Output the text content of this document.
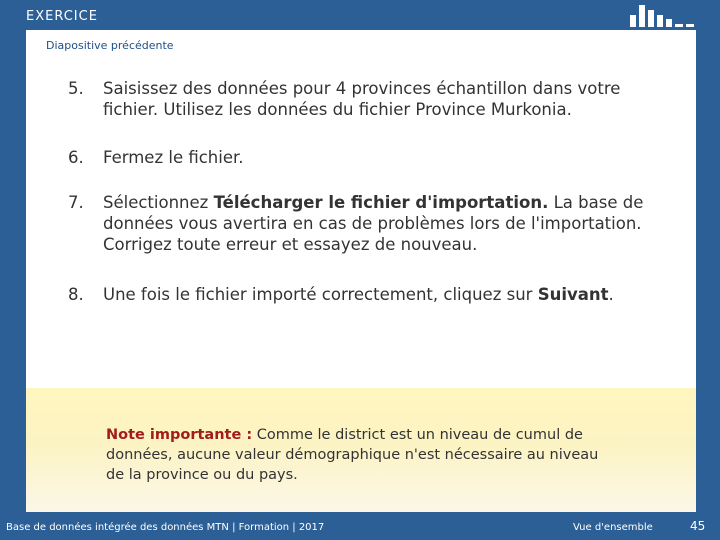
EXERCICE
Diapositive précédente
5. Saisissez des données pour 4 provinces échantillon dans votre fichier. Utilisez les données du fichier Province Murkonia.
6. Fermez le fichier.
7. Sélectionnez Télécharger le fichier d'importation. La base de données vous avertira en cas de problèmes lors de l'importation. Corrigez toute erreur et essayez de nouveau.
8. Une fois le fichier importé correctement, cliquez sur Suivant.
Note importante : Comme le district est un niveau de cumul de données, aucune valeur démographique n'est nécessaire au niveau de la province ou du pays.
Base de données intégrée des données MTN | Formation | 2017	Vue d'ensemble	45
